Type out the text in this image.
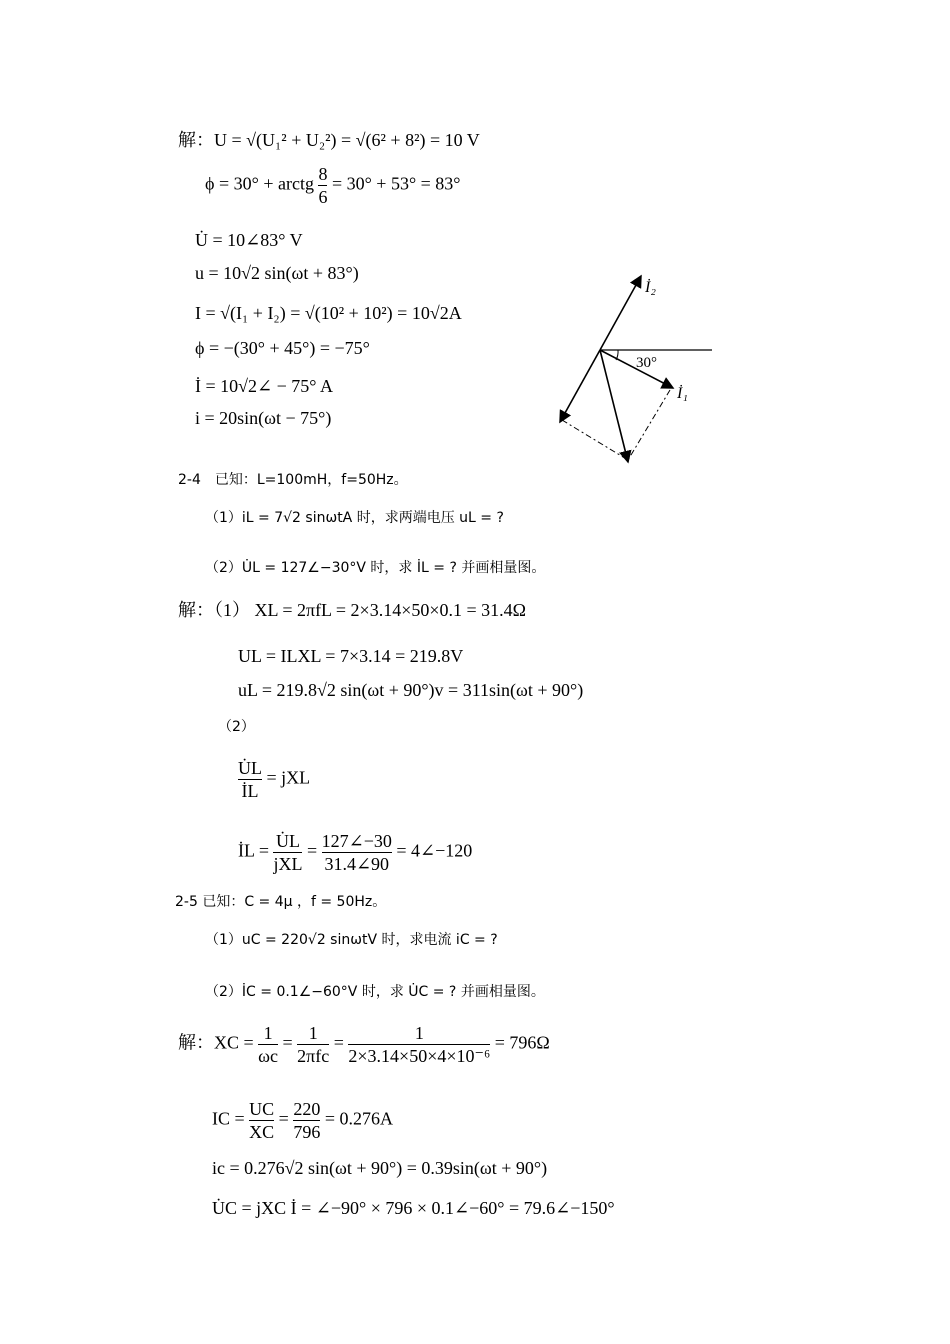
解：U = √(U₁² + U₂²) = √(6² + 8²) = 10 V
ϕ = 30° + arctg $\frac{8}{6} = 30^\circ + 53^\circ = 83^\circ$
U̇ = 10∠83° V
u = 10√2 sin(ωt + 83°)
I = √(I₁ + I₂) = √(10² + 10²) = 10√2A
ϕ = −(30° + 45°) = −75°
İ = 10√2∠ − 75° A
i = 20sin(ωt − 75°)
İ₂
İ₁
30°
2-4　已知：L=100mH，f=50Hz。
（1）iL = 7√2 sinωtA 时，求两端电压 uL = ?
（2）U̇L = 127∠−30°V 时，求 İL = ? 并画相量图。
解：（1） XL = 2πfL = 2×3.14×50×0.1 = 31.4Ω
UL = ILXL = 7×3.14 = 219.8V
uL = 219.8√2 sin(ωt + 90°)v = 311sin(ωt + 90°)
（2）
$\frac{U̇L}{İL}$ = jXL
İL = $\frac{U̇L}{\text{jXL}} = \frac{127\angle-30}{31.4\angle 90}$ = 4∠−120
2-5 已知：C = 4μ ，f = 50Hz。
（1）uC = 220√2 sinωtV 时，求电流 iC = ?
（2）İC = 0.1∠−60°V 时，求 U̇C = ? 并画相量图。
解：XC = $\frac{1}{\omega c} = \frac{1}{\text{2πfc}} = \frac{1}{\text{2×3.14×50×4×10⁻⁶}} = 796\Omega$
IC = $\frac{UC}{XC} = \frac{220}{796} = 0.276A$
ic = 0.276√2 sin(ωt + 90°) = 0.39sin(ωt + 90°)
U̇C = jXC İ = ∠−90° × 796 × 0.1∠−60° = 79.6∠−150°
